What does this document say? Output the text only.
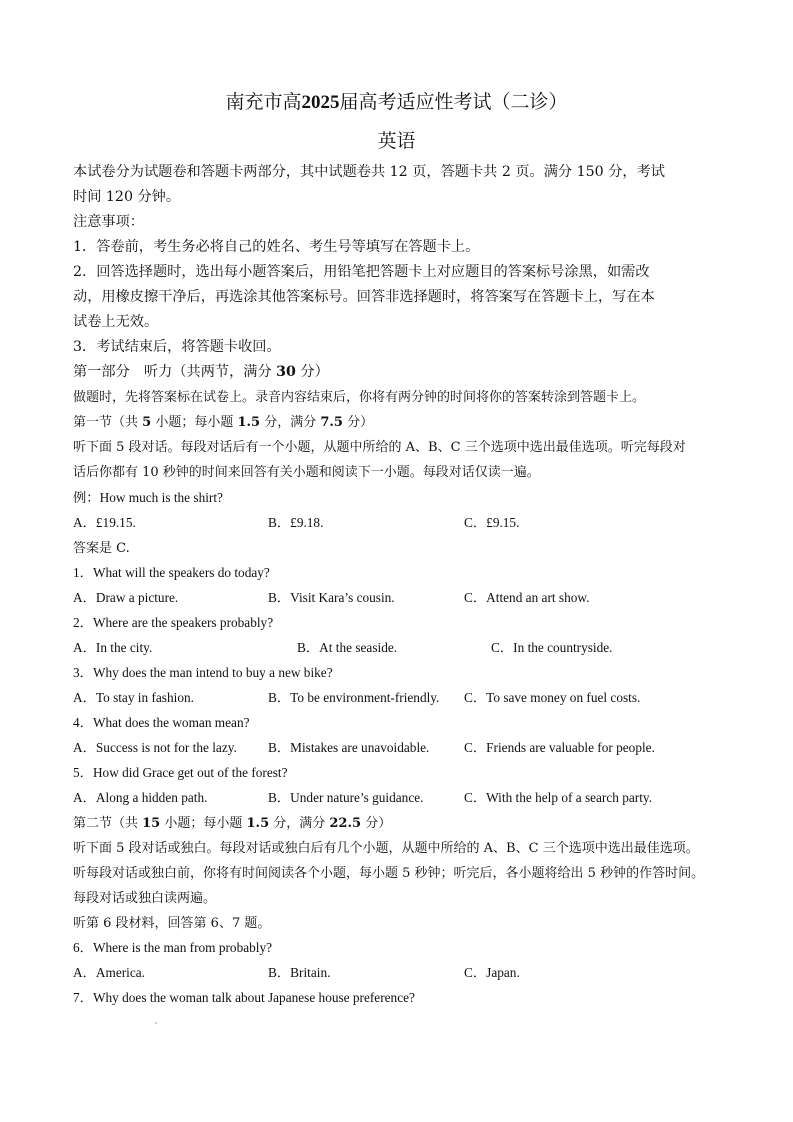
南充市高2025届高考适应性考试（二诊）
英语
本试卷分为试题卷和答题卡两部分，其中试题卷共 12 页，答题卡共 2 页。满分 150 分，考试
时间 120 分钟。
注意事项：
1．答卷前，考生务必将自己的姓名、考生号等填写在答题卡上。
2．回答选择题时，选出每小题答案后，用铅笔把答题卡上对应题目的答案标号涂黑，如需改
动，用橡皮擦干净后，再选涂其他答案标号。回答非选择题时，将答案写在答题卡上，写在本
试卷上无效。
3．考试结束后，将答题卡收回。
第一部分　听力（共两节，满分 30 分）
做题时，先将答案标在试卷上。录音内容结束后，你将有两分钟的时间将你的答案转涂到答题卡上。
第一节（共 5 小题；每小题 1.5 分，满分 7.5 分）
听下面 5 段对话。每段对话后有一个小题，从题中所给的 A、B、C 三个选项中选出最佳选项。听完每段对
话后你都有 10 秒钟的时间来回答有关小题和阅读下一小题。每段对话仅读一遍。
例：How much is the shirt?
A．£19.15.	B．£9.18.	C．£9.15.
答案是 C.
1．What will the speakers do today?
A．Draw a picture.	B．Visit Kara’s cousin.	C．Attend an art show.
2．Where are the speakers probably?
A．In the city.	B．At the seaside.	C．In the countryside.
3．Why does the man intend to buy a new bike?
A．To stay in fashion.	B．To be environment-friendly. C．To save money on fuel costs.
4．What does the woman mean?
A．Success is not for the lazy. B．Mistakes are unavoidable.	C．Friends are valuable for people.
5．How did Grace get out of the forest?
A．Along a hidden path.	B．Under nature’s guidance.	C．With the help of a search party.
第二节（共 15 小题；每小题 1.5 分，满分 22.5 分）
听下面 5 段对话或独白。每段对话或独白后有几个小题，从题中所给的 A、B、C 三个选项中选出最佳选项。
听每段对话或独白前，你将有时间阅读各个小题，每小题 5 秒钟；听完后，各小题将给出 5 秒钟的作答时间。
每段对话或独白读两遍。
听第 6 段材料，回答第 6、7 题。
6．Where is the man from probably?
A．America.	B．Britain.	C．Japan.
7．Why does the woman talk about Japanese house preference?
